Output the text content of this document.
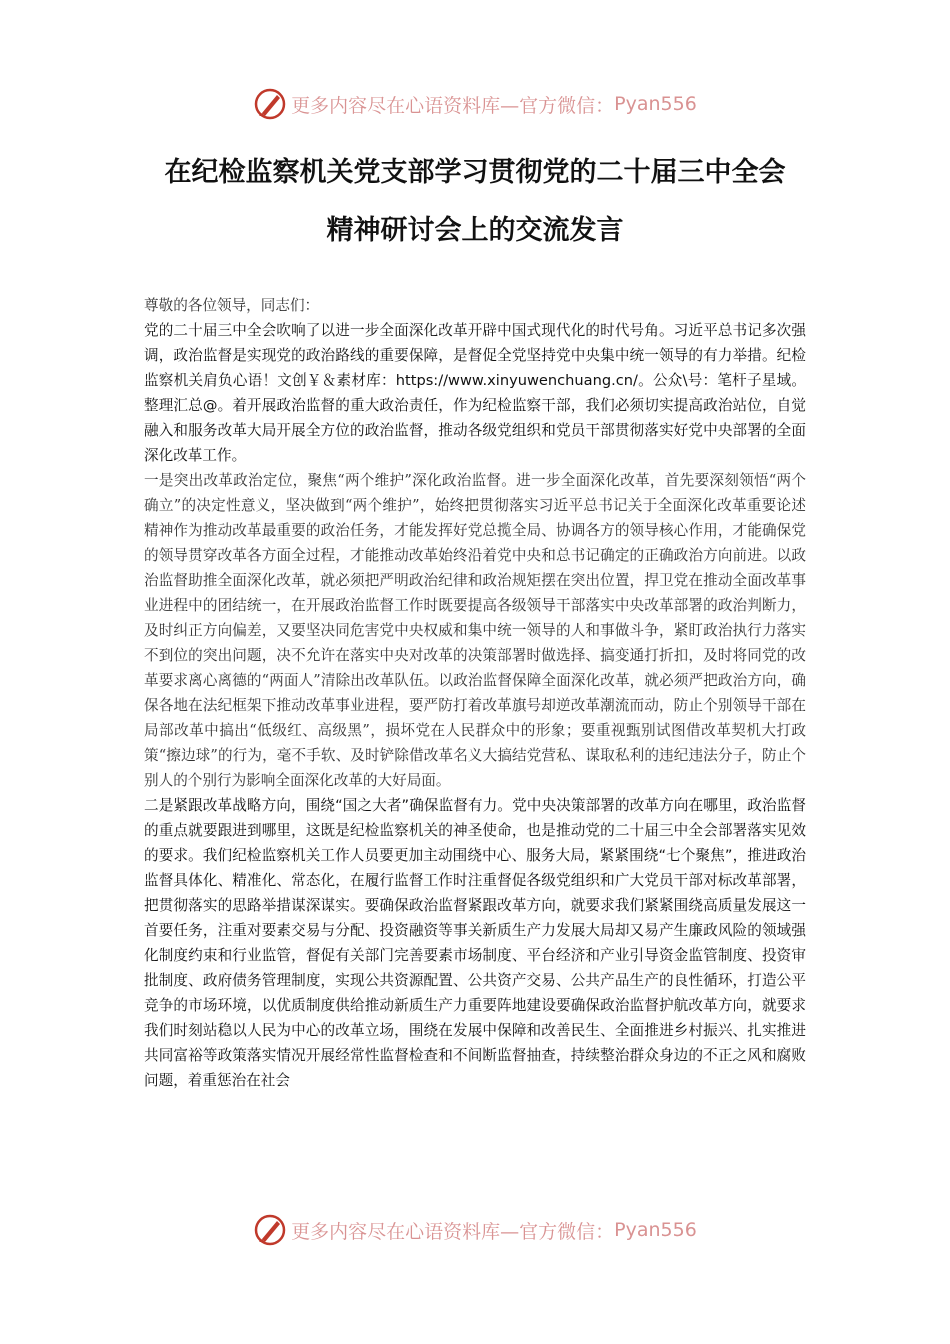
更多内容尽在心语资料库—官方微信： Pyan556
在纪检监察机关党支部学习贯彻党的二十届三中全会
精神研讨会上的交流发言

尊敬的各位领导，同志们：

党的二十届三中全会吹响了以进一步全面深化改革开辟中国式现代化的时代号角。习近平总书记多次强调，政治监督是实现党的政治路线的重要保障，是督促全党坚持党中央集中统一领导的有力举措。纪检监察机关肩负心语！文创￥＆素材库：https://www.xinyuwenchuang.cn/。公众\号：笔杆子星域。整理汇总@。着开展政治监督的重大政治责任，作为纪检监察干部，我们必须切实提高政治站位，自觉融入和服务改革大局开展全方位的政治监督，推动各级党组织和党员干部贯彻落实好党中央部署的全面深化改革工作。

一是突出改革政治定位，聚焦“两个维护”深化政治监督。进一步全面深化改革，首先要深刻领悟“两个确立”的决定性意义，坚决做到“两个维护”，始终把贯彻落实习近平总书记关于全面深化改革重要论述精神作为推动改革最重要的政治任务，才能发挥好党总揽全局、协调各方的领导核心作用，才能确保党的领导贯穿改革各方面全过程，才能推动改革始终沿着党中央和总书记确定的正确政治方向前进。以政治监督助推全面深化改革，就必须把严明政治纪律和政治规矩摆在突出位置，捍卫党在推动全面改革事业进程中的团结统一，在开展政治监督工作时既要提高各级领导干部落实中央改革部署的政治判断力，及时纠正方向偏差，又要坚决同危害党中央权威和集中统一领导的人和事做斗争，紧盯政治执行力落实不到位的突出问题，决不允许在落实中央对改革的决策部署时做选择、搞变通打折扣，及时将同党的改革要求离心离德的“两面人”清除出改革队伍。以政治监督保障全面深化改革，就必须严把政治方向，确保各地在法纪框架下推动改革事业进程，要严防打着改革旗号却逆改革潮流而动，防止个别领导干部在局部改革中搞出“低级红、高级黑”，损坏党在人民群众中的形象；要重视甄别试图借改革契机大打政策“擦边球”的行为，毫不手软、及时铲除借改革名义大搞结党营私、谋取私利的违纪违法分子，防止个别人的个别行为影响全面深化改革的大好局面。

二是紧跟改革战略方向，围绕“国之大者”确保监督有力。党中央决策部署的改革方向在哪里，政治监督的重点就要跟进到哪里，这既是纪检监察机关的神圣使命，也是推动党的二十届三中全会部署落实见效的要求。我们纪检监察机关工作人员要更加主动围绕中心、服务大局，紧紧围绕“七个聚焦”，推进政治监督具体化、精准化、常态化，在履行监督工作时注重督促各级党组织和广大党员干部对标改革部署，把贯彻落实的思路举措谋深谋实。要确保政治监督紧跟改革方向，就要求我们紧紧围绕高质量发展这一首要任务，注重对要素交易与分配、投资融资等事关新质生产力发展大局却又易产生廉政风险的领域强化制度约束和行业监管，督促有关部门完善要素市场制度、平台经济和产业引导资金监管制度、投资审批制度、政府债务管理制度，实现公共资源配置、公共资产交易、公共产品生产的良性循环，打造公平竞争的市场环境，以优质制度供给推动新质生产力重要阵地建设要确保政治监督护航改革方向，就要求我们时刻站稳以人民为中心的改革立场，围绕在发展中保障和改善民生、全面推进乡村振兴、扎实推进共同富裕等政策落实情况开展经常性监督检查和不间断监督抽查，持续整治群众身边的不正之风和腐败问题，着重惩治在社会

更多内容尽在心语资料库—官方微信： Pyan556
